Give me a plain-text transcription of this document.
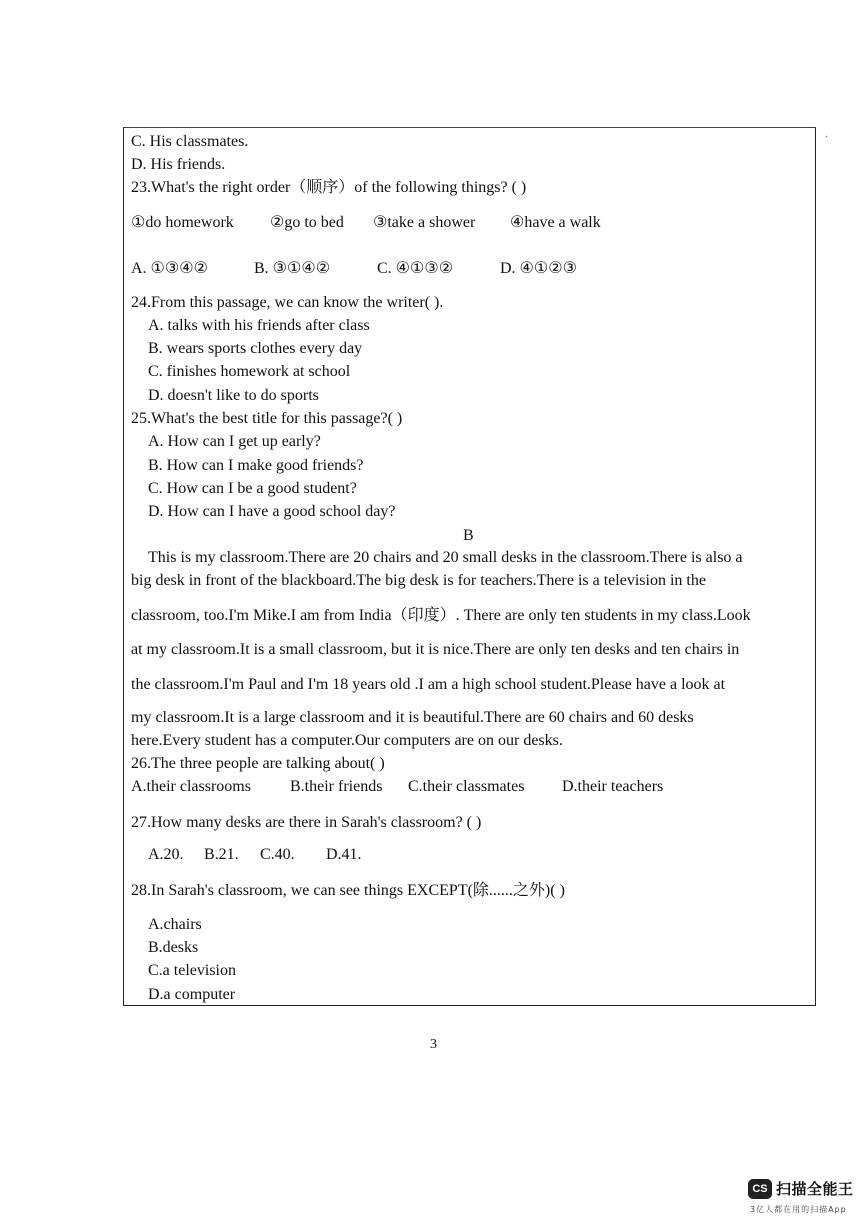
·
C. His classmates.
D. His friends.
23.What's the right order（顺序）of the following things? ( )
①do homework ②go to bed ③take a shower ④have a walk
A. ①③④②	B. ③①④②	C. ④①③②	D. ④①②③
24.From this passage, we can know the writer( ).
A. talks with his friends after class
B. wears sports clothes every day
C. finishes homework at school
D. doesn't like to do sports
25.What's the best title for this passage?( )
A. How can I get up early?
B. How can I make good friends?
C. How can I be a good student?
D. How can I have a good school day?
B
This is my classroom.There are 20 chairs and 20 small desks in the classroom.There is also a
big desk in front of the blackboard.The big desk is for teachers.There is a television in the
classroom, too.I'm Mike.I am from India（印度）. There are only ten students in my class.Look
at my classroom.It is a small classroom, but it is nice.There are only ten desks and ten chairs in
the classroom.I'm Paul and I'm 18 years old .I am a high school student.Please have a look at
my classroom.It is a large classroom and it is beautiful.There are 60 chairs and 60 desks
here.Every student has a computer.Our computers are on our desks.
26.The three people are talking about( )
A.their classrooms B.their friends C.their classmates D.their teachers
27.How many desks are there in Sarah's classroom? ( )
A.20. B.21. C.40. D.41.
28.In Sarah's classroom, we can see things EXCEPT(除......之外)( )
A.chairs
B.desks
C.a television
D.a computer
3
CS 扫描全能王
3亿人都在用的扫描App
